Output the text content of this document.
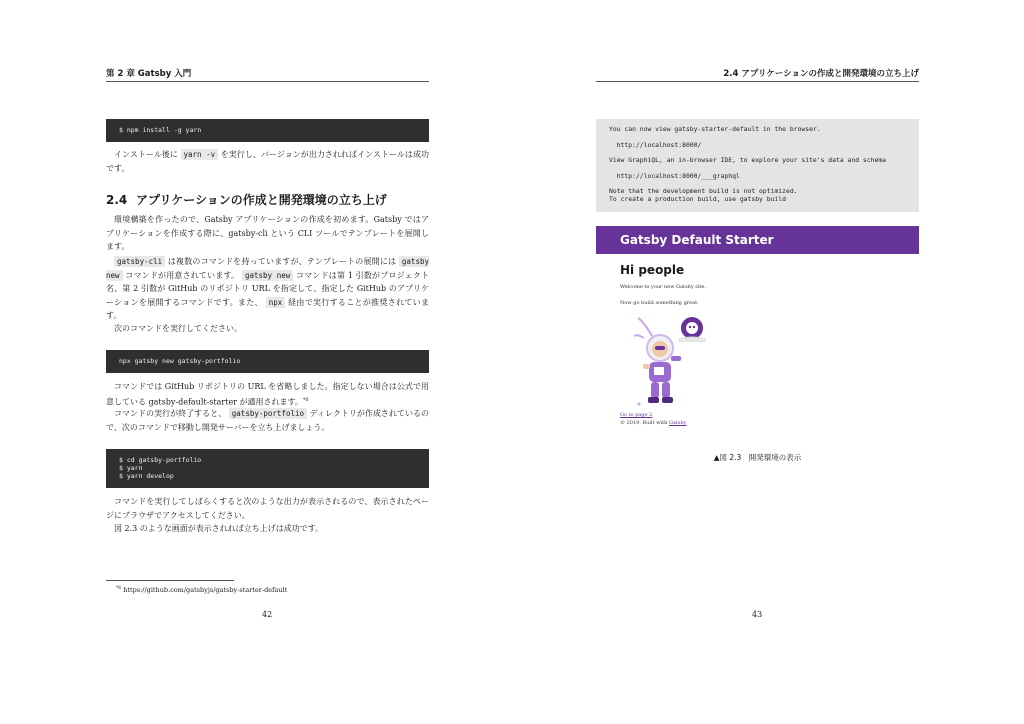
第 2 章 Gatsby 入門
$ npm install -g yarn

インストール後に yarn -v を実行し、バージョンが出力されればインストールは成功です。

2.4 アプリケーションの作成と開発環境の立ち上げ

環境構築を作ったので、Gatsby アプリケーションの作成を初めます。Gatsby ではアプリケーションを作成する際に、gatsby-cli という CLI ツールでテンプレートを展開します。

gatsby-cli は複数のコマンドを持っていますが、テンプレートの展開には gatsby new コマンドが用意されています。 gatsby new コマンドは第 1 引数がプロジェクト名、第 2 引数が GitHub のリポジトリ URL を指定して、指定した GitHub のアプリケーションを展開するコマンドです。また、 npx 経由で実行することが推奨されています。

次のコマンドを実行してください。

npx gatsby new gatsby-portfolio

コマンドでは GitHub リポジトリの URL を省略しました。指定しない場合は公式で用意している gatsby-default-starter が適用されます。$^{*6}$

コマンドの実行が終了すると、 gatsby-portfolio ディレクトリが作成されているので、次のコマンドで移動し開発サーバーを立ち上げましょう。

$ cd gatsby-portfolio
$ yarn
$ yarn develop

コマンドを実行してしばらくすると次のような出力が表示されるので、表示されたページにブラウザでアクセスしてください。

図 2.3 のような画面が表示されれば立ち上げは成功です。

$^{*6}$ https://github.com/gatsbyjs/gatsby-starter-default
42
2.4 アプリケーションの作成と開発環境の立ち上げ
You can now view gatsby-starter-default in the browser.

http://localhost:8000/

View GraphiQL, an in-browser IDE, to explore your site's data and schema

http://localhost:8000/___graphql

Note that the development build is not optimized.
To create a production build, use gatsby build
Gatsby Default Starter
Hi people
Welcome to your new Gatsby site.
Now go build something great.
Go to page 2
© 2019, Built with Gatsby
▲図 2.3　開発環境の表示
43
